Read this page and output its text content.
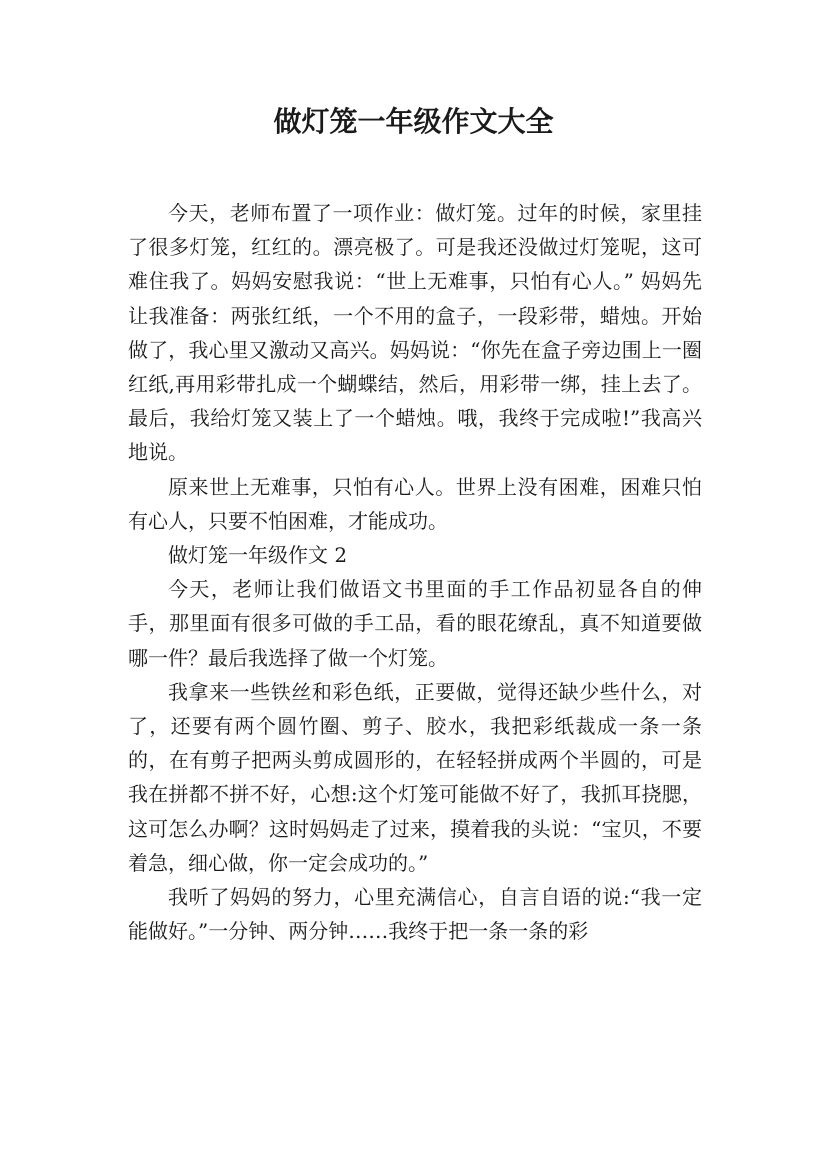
做灯笼一年级作文大全

今天，老师布置了一项作业：做灯笼。过年的时候，家里挂了很多灯笼，红红的。漂亮极了。可是我还没做过灯笼呢，这可难住我了。妈妈安慰我说：“世上无难事，只怕有心人。” 妈妈先让我准备：两张红纸，一个不用的盒子，一段彩带，蜡烛。开始做了，我心里又激动又高兴。妈妈说：“你先在盒子旁边围上一圈红纸,再用彩带扎成一个蝴蝶结，然后，用彩带一绑，挂上去了。最后，我给灯笼又装上了一个蜡烛。哦，我终于完成啦!”我高兴地说。

原来世上无难事，只怕有心人。世界上没有困难，困难只怕有心人，只要不怕困难，才能成功。

做灯笼一年级作文 2

今天，老师让我们做语文书里面的手工作品初显各自的伸手，那里面有很多可做的手工品，看的眼花缭乱，真不知道要做哪一件？最后我选择了做一个灯笼。

我拿来一些铁丝和彩色纸，正要做，觉得还缺少些什么，对了，还要有两个圆竹圈、剪子、胶水，我把彩纸裁成一条一条的，在有剪子把两头剪成圆形的，在轻轻拼成两个半圆的，可是我在拼都不拼不好，心想:这个灯笼可能做不好了，我抓耳挠腮，这可怎么办啊？这时妈妈走了过来，摸着我的头说：“宝贝，不要着急，细心做，你一定会成功的。”

我听了妈妈的努力，心里充满信心，自言自语的说:“我一定能做好。”一分钟、两分钟……我终于把一条一条的彩
